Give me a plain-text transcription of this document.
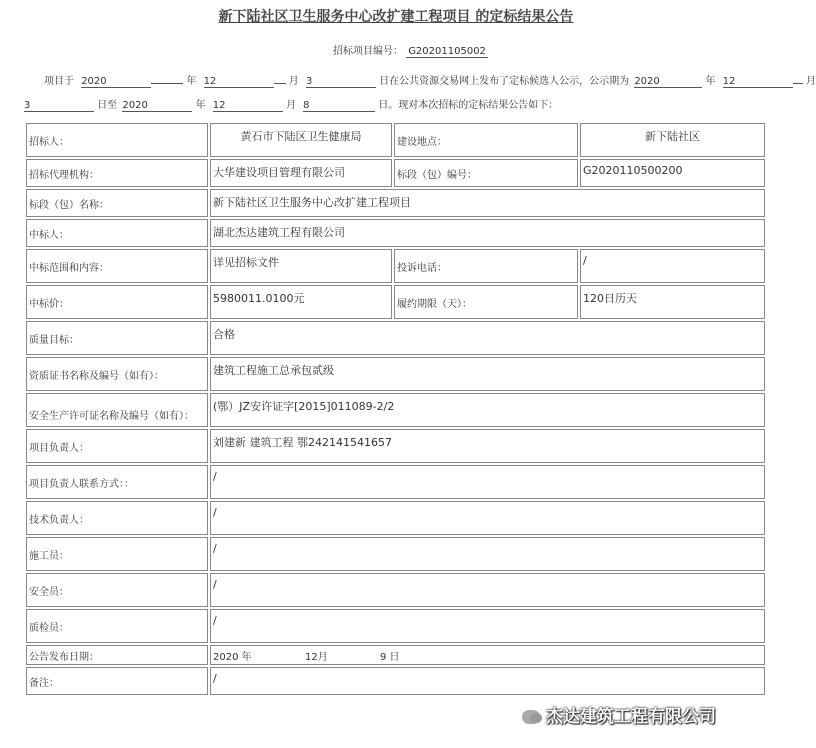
新下陆社区卫生服务中心改扩建工程项目 的定标结果公告
招标项目编号： G20201105002
项目于 2020	年 12	月 3	日在公共资源交易网上发布了定标候选人公示，公示期为 2020	年 12	月
3	日至 2020	年 12	月 8	日。现对本次招标的定标结果公告如下：
招标人：	黄石市下陆区卫生健康局	建设地点：	新下陆社区
招标代理机构：	大华建设项目管理有限公司	标段（包）编号：	G2020110500200
标段（包）名称：	新下陆社区卫生服务中心改扩建工程项目		
中标人：	湖北杰达建筑工程有限公司		
中标范围和内容：	详见招标文件	投诉电话：	/
中标价：	5980011.0100元	履约期限（天）：	120日历天
质量目标：	合格		
资质证书名称及编号（如有）：	建筑工程施工总承包贰级		
安全生产许可证名称及编号（如有）：	(鄂）JZ安许证字[2015]011089-2/2		
项目负责人：	刘建新 建筑工程 鄂242141541657		
项目负责人联系方式：：	/		
技术负责人：	/		
施工员：	/		
安全员：	/		
质检员：	/		
公告发布日期：	2020 年 12月 9 日		
备注：	/		
杰达建筑工程有限公司
